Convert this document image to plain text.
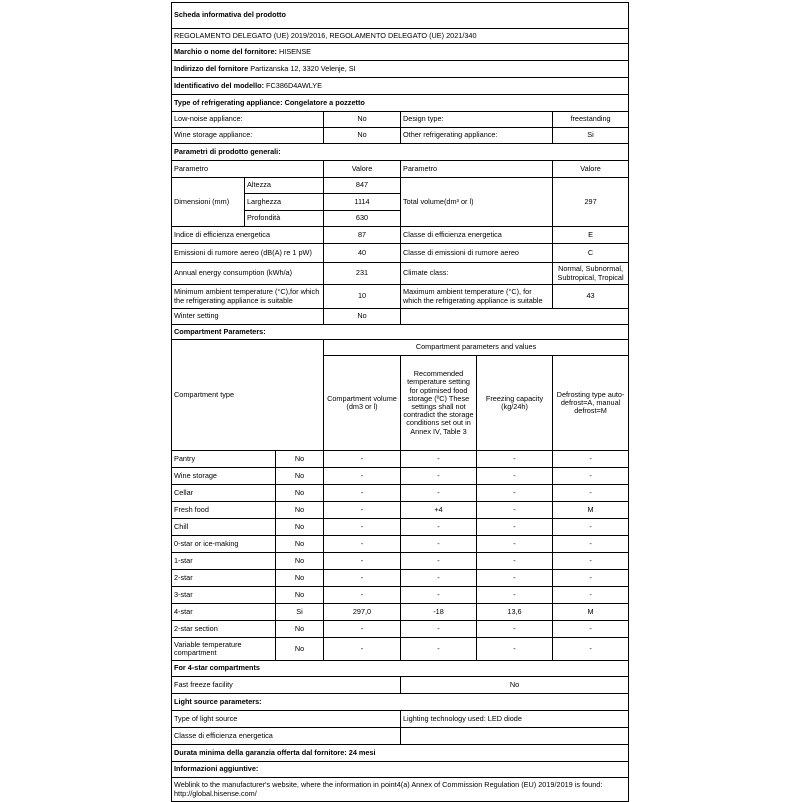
Scheda informativa del prodotto						
REGOLAMENTO DELEGATO (UE) 2019/2016, REGOLAMENTO DELEGATO (UE) 2021/340						
Marchio o nome del fornitore: HISENSE						
Indirizzo del fornitore Partizanska 12, 3320 Velenje, SI						
Identificativo del modello: FC386D4AWLYE						
Type of refrigerating appliance: Congelatore a pozzetto						
Low-noise appliance:			No	Design type:		freestanding
Wine storage appliance:			No	Other refrigerating appliance:		Si
Parametri di prodotto generali:						
Parametro			Valore	Parametro		Valore
Dimensioni (mm)	Altezza		847	Total volume(dm³ or l)		297
	Larghezza		1114			
	Profondità		630			
Indice di efficienza energetica			87	Classe di efficienza energetica		E
Emissioni di rumore aereo (dB(A) re 1 pW)			40	Classe di emissioni di rumore aereo		C
Annual energy consumption (kWh/a)			231	Climate class:		Normal, Subnormal, Subtropical, Tropical
Minimum ambient temperature (°C),for which the refrigerating appliance is suitable			10	Maximum ambient temperature (°C), for which the refrigerating appliance is suitable		43
Winter setting			No			
Compartment Parameters:						
Compartment type			Compartment parameters and values			
			Compartment volume (dm3 or l)	Recommended temperature setting for optimised food storage (ºC) These settings shall not contradict the storage conditions set out in Annex IV, Table 3	Freezing capacity (kg/24h)	Defrosting type auto-defrost=A, manual defrost=M
Pantry		No	-	-	-	-
Wine storage		No	-	-	-	-
Cellar		No	-	-	-	-
Fresh food		No	-	+4	-	M
Chill		No	-	-	-	-
0-star or ice-making		No	-	-	-	-
1-star		No	-	-	-	-
2-star		No	-	-	-	-
3-star		No	-	-	-	-
4-star		Si	297,0	-18	13,6	M
2-star section		No	-	-	-	-
Variable temperature compartment		No	-	-	-	-
For 4-star compartments						
Fast freeze facility				No		
Light source parameters:						
Type of light source				Lighting technology used: LED diode		
Classe di efficienza energetica						
Durata minima della garanzia offerta dal fornitore: 24 mesi						
Informazioni aggiuntive:						
Weblink to the manufacturer's website, where the information in point4(a) Annex of Commission Regulation (EU) 2019/2019 is found: http://global.hisense.com/						
